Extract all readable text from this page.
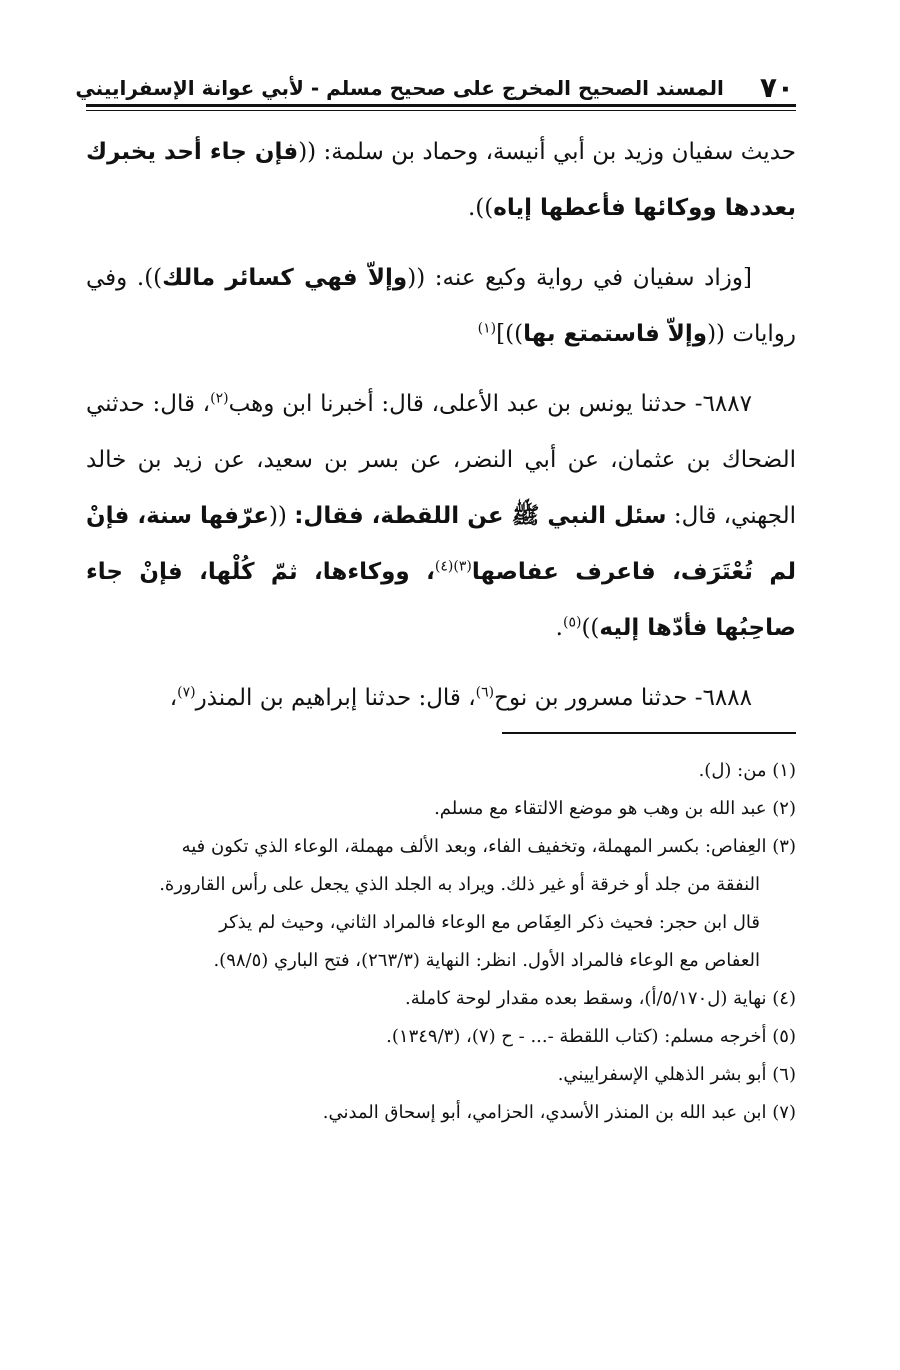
٧٠
المسند الصحيح المخرج على صحيح مسلم - لأبي عوانة الإسفراييني

حديث سفيان وزيد بن أبي أنيسة، وحماد بن سلمة: ((فإن جاء أحد يخبرك بعددها ووكائها فأعطها إياه)).

[وزاد سفيان في رواية وكيع عنه: ((وإلاّ فهي كسائر مالك)). وفي روايات ((وإلاّ فاستمتع بها))]$^{(١)}$

٦٨٨٧- حدثنا يونس بن عبد الأعلى، قال: أخبرنا ابن وهب$^{(٢)}$، قال: حدثني الضحاك بن عثمان، عن أبي النضر، عن بسر بن سعيد، عن زيد بن خالد الجهني، قال: سئل النبي ﷺ عن اللقطة، فقال: ((عرّفها سنة، فإنْ لم تُعْتَرَف، فاعرف عفاصها$^{(٣)(٤)}$، ووكاءها، ثمّ كُلْها، فإنْ جاء صاحِبُها فأدّها إليه))$^{(٥)}$.

٦٨٨٨- حدثنا مسرور بن نوح$^{(٦)}$، قال: حدثنا إبراهيم بن المنذر$^{(٧)}$،

(١) من: (ل).

(٢) عبد الله بن وهب هو موضع الالتقاء مع مسلم.

(٣) العِفاص: بكسر المهملة، وتخفيف الفاء، وبعد الألف مهملة، الوعاء الذي تكون فيه
النفقة من جلد أو خرقة أو غير ذلك. ويراد به الجلد الذي يجعل على رأس القارورة.
قال ابن حجر: فحيث ذكر العِفَاص مع الوعاء فالمراد الثاني، وحيث لم يذكر
العفاص مع الوعاء فالمراد الأول. انظر: النهاية (٢٦٣/٣)، فتح الباري (٩٨/٥).

(٤) نهاية (ل٥/١٧٠/أ)، وسقط بعده مقدار لوحة كاملة.

(٥) أخرجه مسلم: (كتاب اللقطة -... - ح (٧)، (١٣٤٩/٣).

(٦) أبو بشر الذهلي الإسفراييني.

(٧) ابن عبد الله بن المنذر الأسدي، الحزامي، أبو إسحاق المدني.
